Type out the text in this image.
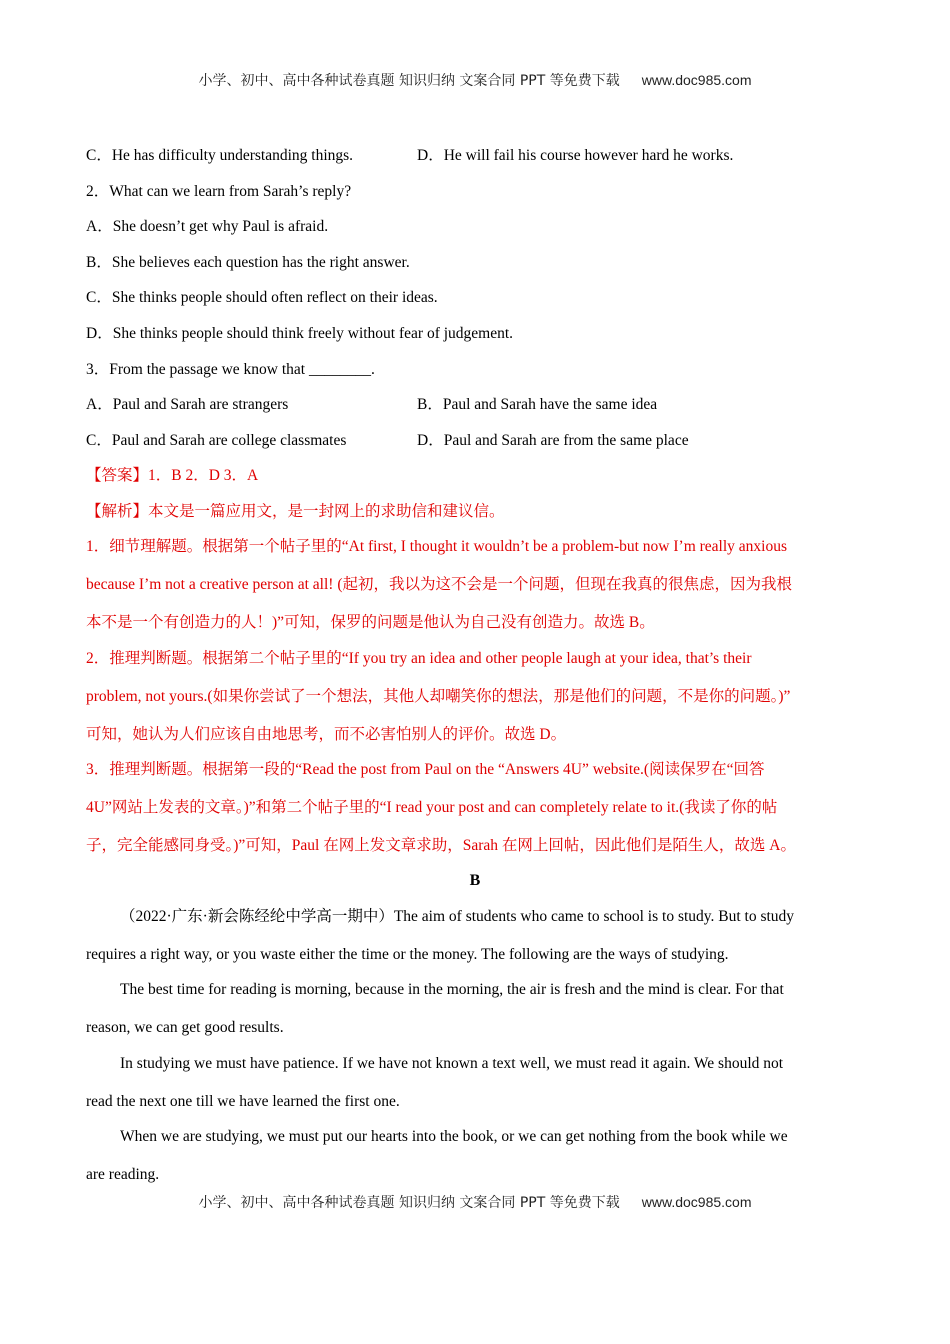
小学、初中、高中各种试卷真题 知识归纳 文案合同 PPT 等免费下载 www.doc985.com
C．He has difficulty understanding things.	D．He will fail his course however hard he works.
2．What can we learn from Sarah’s reply?
A．She doesn’t get why Paul is afraid.
B．She believes each question has the right answer.
C．She thinks people should often reflect on their ideas.
D．She thinks people should think freely without fear of judgement.
3．From the passage we know that ________.
A．Paul and Sarah are strangers	B．Paul and Sarah have the same idea
C．Paul and Sarah are college classmates	D．Paul and Sarah are from the same place
【答案】1．B 2．D 3．A
【解析】本文是一篇应用文，是一封网上的求助信和建议信。
1．细节理解题。根据第一个帖子里的“At first, I thought it wouldn’t be a problem-but now I’m really anxious
because I’m not a creative person at all! (起初，我以为这不会是一个问题，但现在我真的很焦虑，因为我根
本不是一个有创造力的人！)”可知，保罗的问题是他认为自己没有创造力。故选 B。
2．推理判断题。根据第二个帖子里的“If you try an idea and other people laugh at your idea, that’s their
problem, not yours.(如果你尝试了一个想法，其他人却嘲笑你的想法，那是他们的问题，不是你的问题。)”
可知，她认为人们应该自由地思考，而不必害怕别人的评价。故选 D。
3．推理判断题。根据第一段的“Read the post from Paul on the “Answers 4U” website.(阅读保罗在“回答
4U”网站上发表的文章。)”和第二个帖子里的“I read your post and can completely relate to it.(我读了你的帖
子，完全能感同身受。)”可知，Paul 在网上发文章求助，Sarah 在网上回帖，因此他们是陌生人，故选 A。
B
（2022·广东·新会陈经纶中学高一期中）The aim of students who came to school is to study. But to study
requires a right way, or you waste either the time or the money. The following are the ways of studying.
The best time for reading is morning, because in the morning, the air is fresh and the mind is clear. For that
reason, we can get good results.
In studying we must have patience. If we have not known a text well, we must read it again. We should not
read the next one till we have learned the first one.
When we are studying, we must put our hearts into the book, or we can get nothing from the book while we
are reading.
小学、初中、高中各种试卷真题 知识归纳 文案合同 PPT 等免费下载 www.doc985.com
